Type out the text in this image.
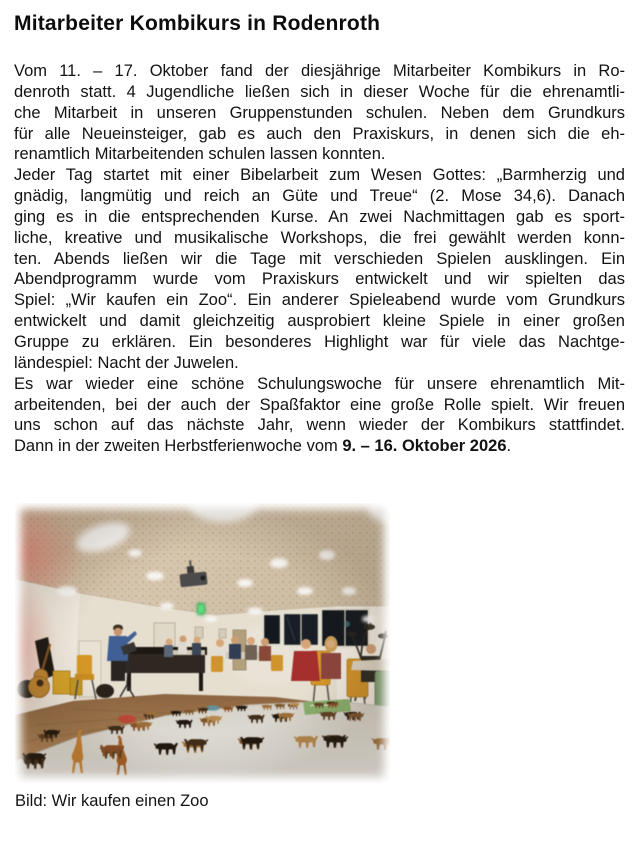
Mitarbeiter Kombikurs in Rodenroth
Vom 11. – 17. Oktober fand der diesjährige Mitarbeiter Kombikurs in Ro-
denroth statt. 4 Jugendliche ließen sich in dieser Woche für die ehrenamtli-
che Mitarbeit in unseren Gruppenstunden schulen. Neben dem Grundkurs
für alle Neueinsteiger, gab es auch den Praxiskurs, in denen sich die eh-
renamtlich Mitarbeitenden schulen lassen konnten.
Jeder Tag startet mit einer Bibelarbeit zum Wesen Gottes: „Barmherzig und
gnädig, langmütig und reich an Güte und Treue“ (2. Mose 34,6). Danach
ging es in die entsprechenden Kurse. An zwei Nachmittagen gab es sport-
liche, kreative und musikalische Workshops, die frei gewählt werden konn-
ten. Abends ließen wir die Tage mit verschieden Spielen ausklingen. Ein
Abendprogramm wurde vom Praxiskurs entwickelt und wir spielten das
Spiel: „Wir kaufen ein Zoo“. Ein anderer Spieleabend wurde vom Grundkurs
entwickelt und damit gleichzeitig ausprobiert kleine Spiele in einer großen
Gruppe zu erklären. Ein besonderes Highlight war für viele das Nachtge-
ländespiel: Nacht der Juwelen.
Es war wieder eine schöne Schulungswoche für unsere ehrenamtlich Mit-
arbeitenden, bei der auch der Spaßfaktor eine große Rolle spielt. Wir freuen
uns schon auf das nächste Jahr, wenn wieder der Kombikurs stattfindet.
Dann in der zweiten Herbstferienwoche vom 9. – 16. Oktober 2026.
Bild: Wir kaufen einen Zoo
